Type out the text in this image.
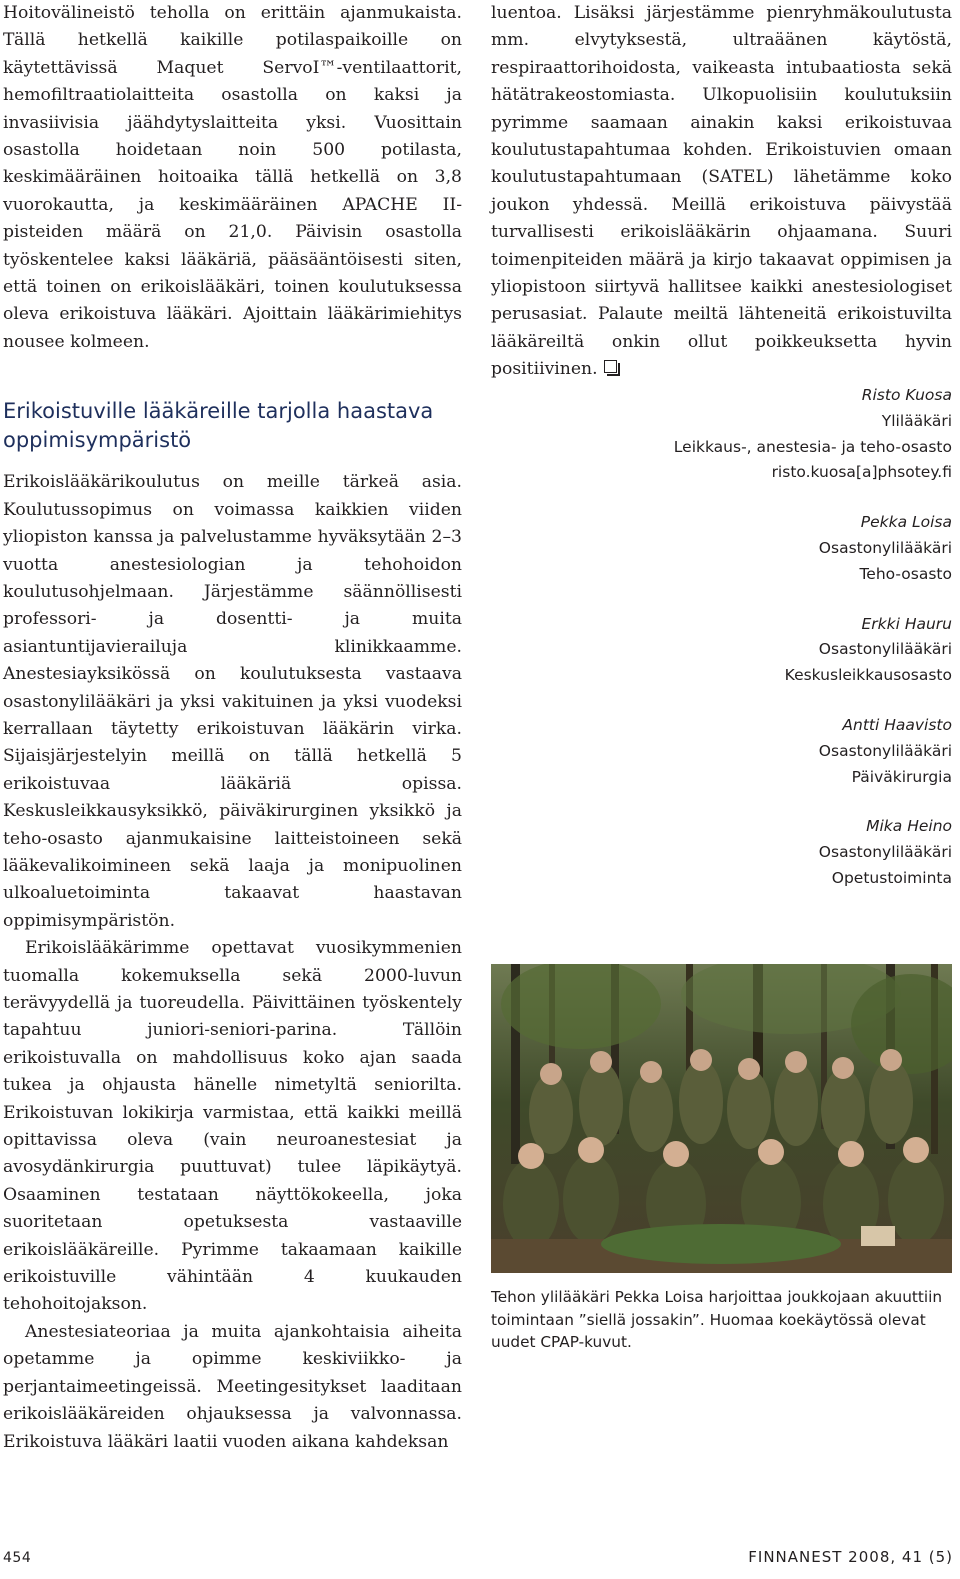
Hoitovälineistö teholla on erittäin ajanmukaista. Tällä hetkellä kaikille potilaspaikoille on käytettävissä Maquet ServoI™-ventilaattorit, hemofiltraatiolaitteita osastolla on kaksi ja invasiivisia jäähdytyslaitteita yksi. Vuosittain osastolla hoidetaan noin 500 potilasta, keskimääräinen hoitoaika tällä hetkellä on 3,8 vuorokautta, ja keskimääräinen APACHE II-pisteiden määrä on 21,0. Päivisin osastolla työskentelee kaksi lääkäriä, pääsääntöisesti siten, että toinen on erikoislääkäri, toinen koulutuksessa oleva erikoistuva lääkäri. Ajoittain lääkärimiehitys nousee kolmeen.

Erikoistuville lääkäreille tarjolla haastava oppimisympäristö

Erikoislääkärikoulutus on meille tärkeä asia. Koulutussopimus on voimassa kaikkien viiden yliopiston kanssa ja palvelustamme hyväksytään 2–3 vuotta anestesiologian ja tehohoidon koulutusohjelmaan. Järjestämme säännöllisesti professori- ja dosentti- ja muita asiantuntijavierailuja klinikkaamme. Anestesiayksikössä on koulutuksesta vastaava osastonylilääkäri ja yksi vakituinen ja yksi vuodeksi kerrallaan täytetty erikoistuvan lääkärin virka. Sijaisjärjestelyin meillä on tällä hetkellä 5 erikoistuvaa lääkäriä opissa. Keskusleikkausyksikkö, päiväkirurginen yksikkö ja teho-osasto ajanmukaisine laitteistoineen sekä lääkevalikoimineen sekä laaja ja monipuolinen ulkoaluetoiminta takaavat haastavan oppimisympäristön.

Erikoislääkärimme opettavat vuosikymmenien tuomalla kokemuksella sekä 2000-luvun terävyydellä ja tuoreudella. Päivittäinen työskentely tapahtuu juniori-seniori-parina. Tällöin erikoistuvalla on mahdollisuus koko ajan saada tukea ja ohjausta hänelle nimetyltä seniorilta. Erikoistuvan lokikirja varmistaa, että kaikki meillä opittavissa oleva (vain neuroanestesiat ja avosydänkirurgia puuttuvat) tulee läpikäytyä. Osaaminen testataan näyttökokeella, joka suoritetaan opetuksesta vastaaville erikoislääkäreille. Pyrimme takaamaan kaikille erikoistuville vähintään 4 kuukauden tehohoitojakson.

Anestesiateoriaa ja muita ajankohtaisia aiheita opetamme ja opimme keskiviikko- ja perjantaimeetingeissä. Meetingesitykset laaditaan erikoislääkäreiden ohjauksessa ja valvonnassa. Erikoistuva lääkäri laatii vuoden aikana kahdeksan

luentoa. Lisäksi järjestämme pienryhmäkoulutusta mm. elvytyksestä, ultraäänen käytöstä, respiraattorihoidosta, vaikeasta intubaatiosta sekä hätätrakeostomiasta. Ulkopuolisiin koulutuksiin pyrimme saamaan ainakin kaksi erikoistuvaa koulutustapahtumaa kohden. Erikoistuvien omaan koulutustapahtumaan (SATEL) lähetämme koko joukon yhdessä. Meillä erikoistuva päivystää turvallisesti erikoislääkärin ohjaamana. Suuri toimenpiteiden määrä ja kirjo takaavat oppimisen ja yliopistoon siirtyvä hallitsee kaikki anestesiologiset perusasiat. Palaute meiltä lähteneitä erikoistuvilta lääkäreiltä onkin ollut poikkeuksetta hyvin positiivinen.

Risto Kuosa
Ylilääkäri
Leikkaus-, anestesia- ja teho-osasto
risto.kuosa[a]phsotey.fi
Pekka Loisa
Osastonylilääkäri
Teho-osasto
Erkki Hauru
Osastonylilääkäri
Keskusleikkausosasto
Antti Haavisto
Osastonylilääkäri
Päiväkirurgia
Mika Heino
Osastonylilääkäri
Opetustoiminta
Tehon ylilääkäri Pekka Loisa harjoittaa joukkojaan akuuttiin toimintaan ”siellä jossakin”. Huomaa koekäytössä olevat uudet CPAP-kuvut.
454	FINNANEST 2008, 41 (5)
